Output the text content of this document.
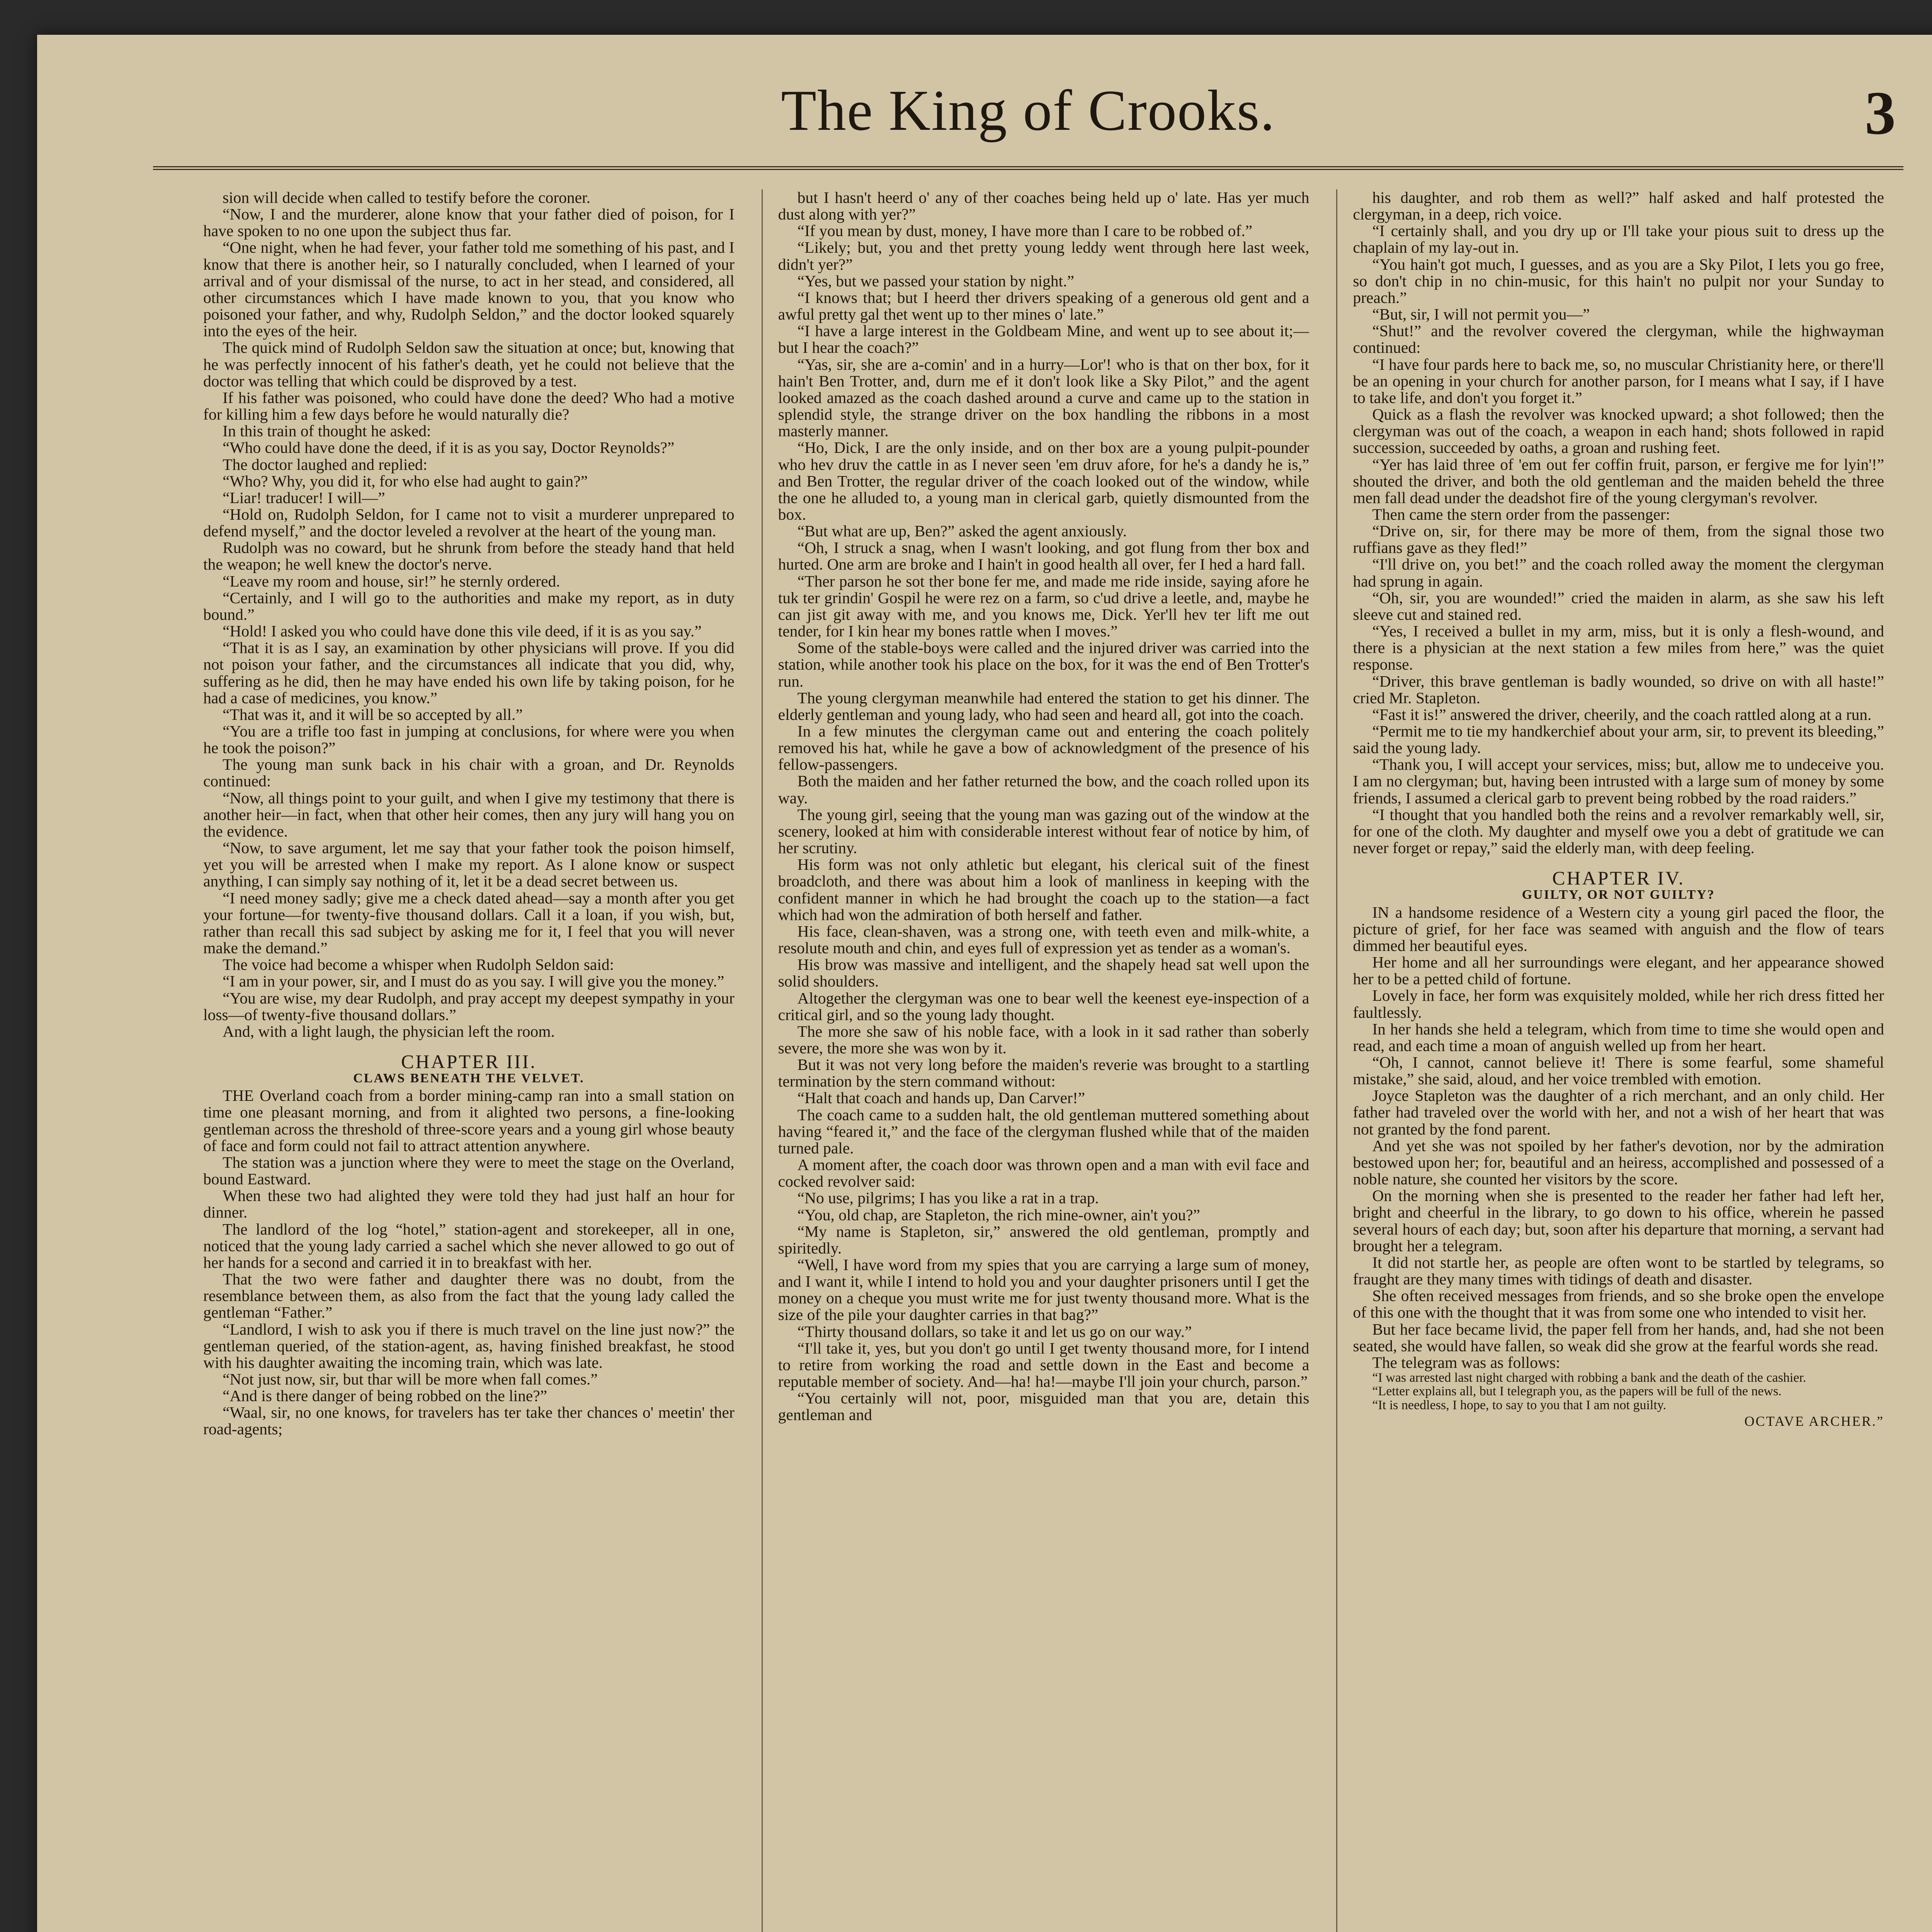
The King of Crooks.	3

sion will decide when called to testify before the coroner.

“Now, I and the murderer, alone know that your father died of poison, for I have spoken to no one upon the subject thus far.

“One night, when he had fever, your father told me something of his past, and I know that there is another heir, so I naturally concluded, when I learned of your arrival and of your dismissal of the nurse, to act in her stead, and considered, all other circumstances which I have made known to you, that you know who poisoned your father, and why, Rudolph Seldon,” and the doctor looked squarely into the eyes of the heir.

The quick mind of Rudolph Seldon saw the situation at once; but, knowing that he was perfectly innocent of his father's death, yet he could not believe that the doctor was telling that which could be disproved by a test.

If his father was poisoned, who could have done the deed? Who had a motive for killing him a few days before he would naturally die?

In this train of thought he asked:

“Who could have done the deed, if it is as you say, Doctor Reynolds?”

The doctor laughed and replied:

“Who? Why, you did it, for who else had aught to gain?”

“Liar! traducer! I will—”

“Hold on, Rudolph Seldon, for I came not to visit a murderer unprepared to defend myself,” and the doctor leveled a revolver at the heart of the young man.

Rudolph was no coward, but he shrunk from before the steady hand that held the weapon; he well knew the doctor's nerve.

“Leave my room and house, sir!” he sternly ordered.

“Certainly, and I will go to the authorities and make my report, as in duty bound.”

“Hold! I asked you who could have done this vile deed, if it is as you say.”

“That it is as I say, an examination by other physicians will prove. If you did not poison your father, and the circumstances all indicate that you did, why, suffering as he did, then he may have ended his own life by taking poison, for he had a case of medicines, you know.”

“That was it, and it will be so accepted by all.”

“You are a trifle too fast in jumping at conclusions, for where were you when he took the poison?”

The young man sunk back in his chair with a groan, and Dr. Reynolds continued:

“Now, all things point to your guilt, and when I give my testimony that there is another heir—in fact, when that other heir comes, then any jury will hang you on the evidence.

“Now, to save argument, let me say that your father took the poison himself, yet you will be arrested when I make my report. As I alone know or suspect anything, I can simply say nothing of it, let it be a dead secret between us.

“I need money sadly; give me a check dated ahead—say a month after you get your fortune—for twenty-five thousand dollars. Call it a loan, if you wish, but, rather than recall this sad subject by asking me for it, I feel that you will never make the demand.”

The voice had become a whisper when Rudolph Seldon said:

“I am in your power, sir, and I must do as you say. I will give you the money.”

“You are wise, my dear Rudolph, and pray accept my deepest sympathy in your loss—of twenty-five thousand dollars.”

And, with a light laugh, the physician left the room.

CHAPTER III.
CLAWS BENEATH THE VELVET.

THE Overland coach from a border mining-camp ran into a small station on time one pleasant morning, and from it alighted two persons, a fine-looking gentleman across the threshold of three-score years and a young girl whose beauty of face and form could not fail to attract attention anywhere.

The station was a junction where they were to meet the stage on the Overland, bound Eastward.

When these two had alighted they were told they had just half an hour for dinner.

The landlord of the log “hotel,” station-agent and storekeeper, all in one, noticed that the young lady carried a sachel which she never allowed to go out of her hands for a second and carried it in to breakfast with her.

That the two were father and daughter there was no doubt, from the resemblance between them, as also from the fact that the young lady called the gentleman “Father.”

“Landlord, I wish to ask you if there is much travel on the line just now?” the gentleman queried, of the station-agent, as, having finished breakfast, he stood with his daughter awaiting the incoming train, which was late.

“Not just now, sir, but thar will be more when fall comes.”

“And is there danger of being robbed on the line?”

“Waal, sir, no one knows, for travelers has ter take ther chances o' meetin' ther road-agents;

but I hasn't heerd o' any of ther coaches being held up o' late. Has yer much dust along with yer?”

“If you mean by dust, money, I have more than I care to be robbed of.”

“Likely; but, you and thet pretty young leddy went through here last week, didn't yer?”

“Yes, but we passed your station by night.”

“I knows that; but I heerd ther drivers speaking of a generous old gent and a awful pretty gal thet went up to ther mines o' late.”

“I have a large interest in the Goldbeam Mine, and went up to see about it;—but I hear the coach?”

“Yas, sir, she are a-comin' and in a hurry—Lor'! who is that on ther box, for it hain't Ben Trotter, and, durn me ef it don't look like a Sky Pilot,” and the agent looked amazed as the coach dashed around a curve and came up to the station in splendid style, the strange driver on the box handling the ribbons in a most masterly manner.

“Ho, Dick, I are the only inside, and on ther box are a young pulpit-pounder who hev druv the cattle in as I never seen 'em druv afore, for he's a dandy he is,” and Ben Trotter, the regular driver of the coach looked out of the window, while the one he alluded to, a young man in clerical garb, quietly dismounted from the box.

“But what are up, Ben?” asked the agent anxiously.

“Oh, I struck a snag, when I wasn't looking, and got flung from ther box and hurted. One arm are broke and I hain't in good health all over, fer I hed a hard fall.

“Ther parson he sot ther bone fer me, and made me ride inside, saying afore he tuk ter grindin' Gospil he were rez on a farm, so c'ud drive a leetle, and, maybe he can jist git away with me, and you knows me, Dick. Yer'll hev ter lift me out tender, for I kin hear my bones rattle when I moves.”

Some of the stable-boys were called and the injured driver was carried into the station, while another took his place on the box, for it was the end of Ben Trotter's run.

The young clergyman meanwhile had entered the station to get his dinner. The elderly gentleman and young lady, who had seen and heard all, got into the coach.

In a few minutes the clergyman came out and entering the coach politely removed his hat, while he gave a bow of acknowledgment of the presence of his fellow-passengers.

Both the maiden and her father returned the bow, and the coach rolled upon its way.

The young girl, seeing that the young man was gazing out of the window at the scenery, looked at him with considerable interest without fear of notice by him, of her scrutiny.

His form was not only athletic but elegant, his clerical suit of the finest broadcloth, and there was about him a look of manliness in keeping with the confident manner in which he had brought the coach up to the station—a fact which had won the admiration of both herself and father.

His face, clean-shaven, was a strong one, with teeth even and milk-white, a resolute mouth and chin, and eyes full of expression yet as tender as a woman's.

His brow was massive and intelligent, and the shapely head sat well upon the solid shoulders.

Altogether the clergyman was one to bear well the keenest eye-inspection of a critical girl, and so the young lady thought.

The more she saw of his noble face, with a look in it sad rather than soberly severe, the more she was won by it.

But it was not very long before the maiden's reverie was brought to a startling termination by the stern command without:

“Halt that coach and hands up, Dan Carver!”

The coach came to a sudden halt, the old gentleman muttered something about having “feared it,” and the face of the clergyman flushed while that of the maiden turned pale.

A moment after, the coach door was thrown open and a man with evil face and cocked revolver said:

“No use, pilgrims; I has you like a rat in a trap.

“You, old chap, are Stapleton, the rich mine-owner, ain't you?”

“My name is Stapleton, sir,” answered the old gentleman, promptly and spiritedly.

“Well, I have word from my spies that you are carrying a large sum of money, and I want it, while I intend to hold you and your daughter prisoners until I get the money on a cheque you must write me for just twenty thousand more. What is the size of the pile your daughter carries in that bag?”

“Thirty thousand dollars, so take it and let us go on our way.”

“I'll take it, yes, but you don't go until I get twenty thousand more, for I intend to retire from working the road and settle down in the East and become a reputable member of society. And—ha! ha!—maybe I'll join your church, parson.”

“You certainly will not, poor, misguided man that you are, detain this gentleman and

his daughter, and rob them as well?” half asked and half protested the clergyman, in a deep, rich voice.

“I certainly shall, and you dry up or I'll take your pious suit to dress up the chaplain of my lay-out in.

“You hain't got much, I guesses, and as you are a Sky Pilot, I lets you go free, so don't chip in no chin-music, for this hain't no pulpit nor your Sunday to preach.”

“But, sir, I will not permit you—”

“Shut!” and the revolver covered the clergyman, while the highwayman continued:

“I have four pards here to back me, so, no muscular Christianity here, or there'll be an opening in your church for another parson, for I means what I say, if I have to take life, and don't you forget it.”

Quick as a flash the revolver was knocked upward; a shot followed; then the clergyman was out of the coach, a weapon in each hand; shots followed in rapid succession, succeeded by oaths, a groan and rushing feet.

“Yer has laid three of 'em out fer coffin fruit, parson, er fergive me for lyin'!” shouted the driver, and both the old gentleman and the maiden beheld the three men fall dead under the deadshot fire of the young clergyman's revolver.

Then came the stern order from the passenger:

“Drive on, sir, for there may be more of them, from the signal those two ruffians gave as they fled!”

“I'll drive on, you bet!” and the coach rolled away the moment the clergyman had sprung in again.

“Oh, sir, you are wounded!” cried the maiden in alarm, as she saw his left sleeve cut and stained red.

“Yes, I received a bullet in my arm, miss, but it is only a flesh-wound, and there is a physician at the next station a few miles from here,” was the quiet response.

“Driver, this brave gentleman is badly wounded, so drive on with all haste!” cried Mr. Stapleton.

“Fast it is!” answered the driver, cheerily, and the coach rattled along at a run.

“Permit me to tie my handkerchief about your arm, sir, to prevent its bleeding,” said the young lady.

“Thank you, I will accept your services, miss; but, allow me to undeceive you. I am no clergyman; but, having been intrusted with a large sum of money by some friends, I assumed a clerical garb to prevent being robbed by the road raiders.”

“I thought that you handled both the reins and a revolver remarkably well, sir, for one of the cloth. My daughter and myself owe you a debt of gratitude we can never forget or repay,” said the elderly man, with deep feeling.

CHAPTER IV.
GUILTY, OR NOT GUILTY?

IN a handsome residence of a Western city a young girl paced the floor, the picture of grief, for her face was seamed with anguish and the flow of tears dimmed her beautiful eyes.

Her home and all her surroundings were elegant, and her appearance showed her to be a petted child of fortune.

Lovely in face, her form was exquisitely molded, while her rich dress fitted her faultlessly.

In her hands she held a telegram, which from time to time she would open and read, and each time a moan of anguish welled up from her heart.

“Oh, I cannot, cannot believe it! There is some fearful, some shameful mistake,” she said, aloud, and her voice trembled with emotion.

Joyce Stapleton was the daughter of a rich merchant, and an only child. Her father had traveled over the world with her, and not a wish of her heart that was not granted by the fond parent.

And yet she was not spoiled by her father's devotion, nor by the admiration bestowed upon her; for, beautiful and an heiress, accomplished and possessed of a noble nature, she counted her visitors by the score.

On the morning when she is presented to the reader her father had left her, bright and cheerful in the library, to go down to his office, wherein he passed several hours of each day; but, soon after his departure that morning, a servant had brought her a telegram.

It did not startle her, as people are often wont to be startled by telegrams, so fraught are they many times with tidings of death and disaster.

She often received messages from friends, and so she broke open the envelope of this one with the thought that it was from some one who intended to visit her.

But her face became livid, the paper fell from her hands, and, had she not been seated, she would have fallen, so weak did she grow at the fearful words she read.

The telegram was as follows:

“I was arrested last night charged with robbing a bank and the death of the cashier.

“Letter explains all, but I telegraph you, as the papers will be full of the news.

“It is needless, I hope, to say to you that I am not guilty.

OCTAVE ARCHER.”
